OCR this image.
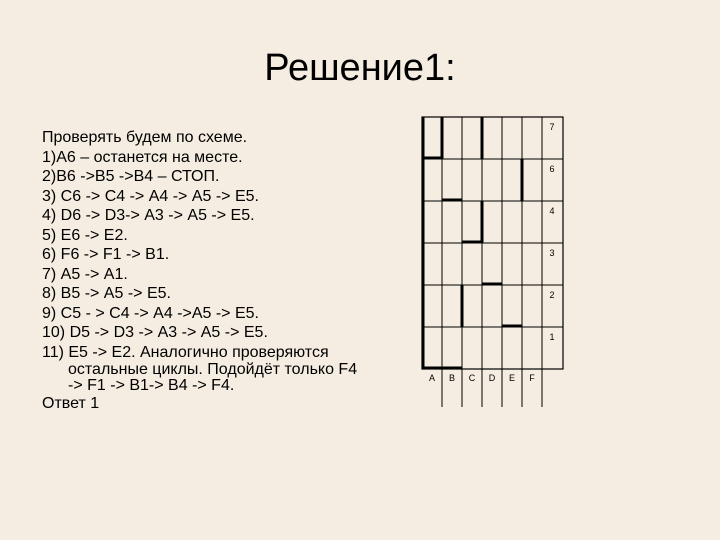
Решение1:
Проверять будем по схеме.
1)А6 – останется на месте.
2)В6 ->В5 ->В4 – СТОП.
3) С6 -> С4 -> А4 -> А5 -> Е5.
4) D6 -> D3-> А3 -> А5 -> Е5.
5) Е6 -> Е2.
6) F6 -> F1 -> В1.
7) А5 -> А1.
8) В5 -> А5 -> Е5.
9) С5 - > С4 -> А4 ->А5 -> Е5.
10) D5 -> D3 -> А3 -> А5 -> Е5.
11) Е5 -> Е2. Аналогично проверяются
остальные циклы. Подойдёт только F4
-> F1 -> В1-> В4 -> F4.
Ответ 1
A B C D E F
7
6
4
3
2
1
